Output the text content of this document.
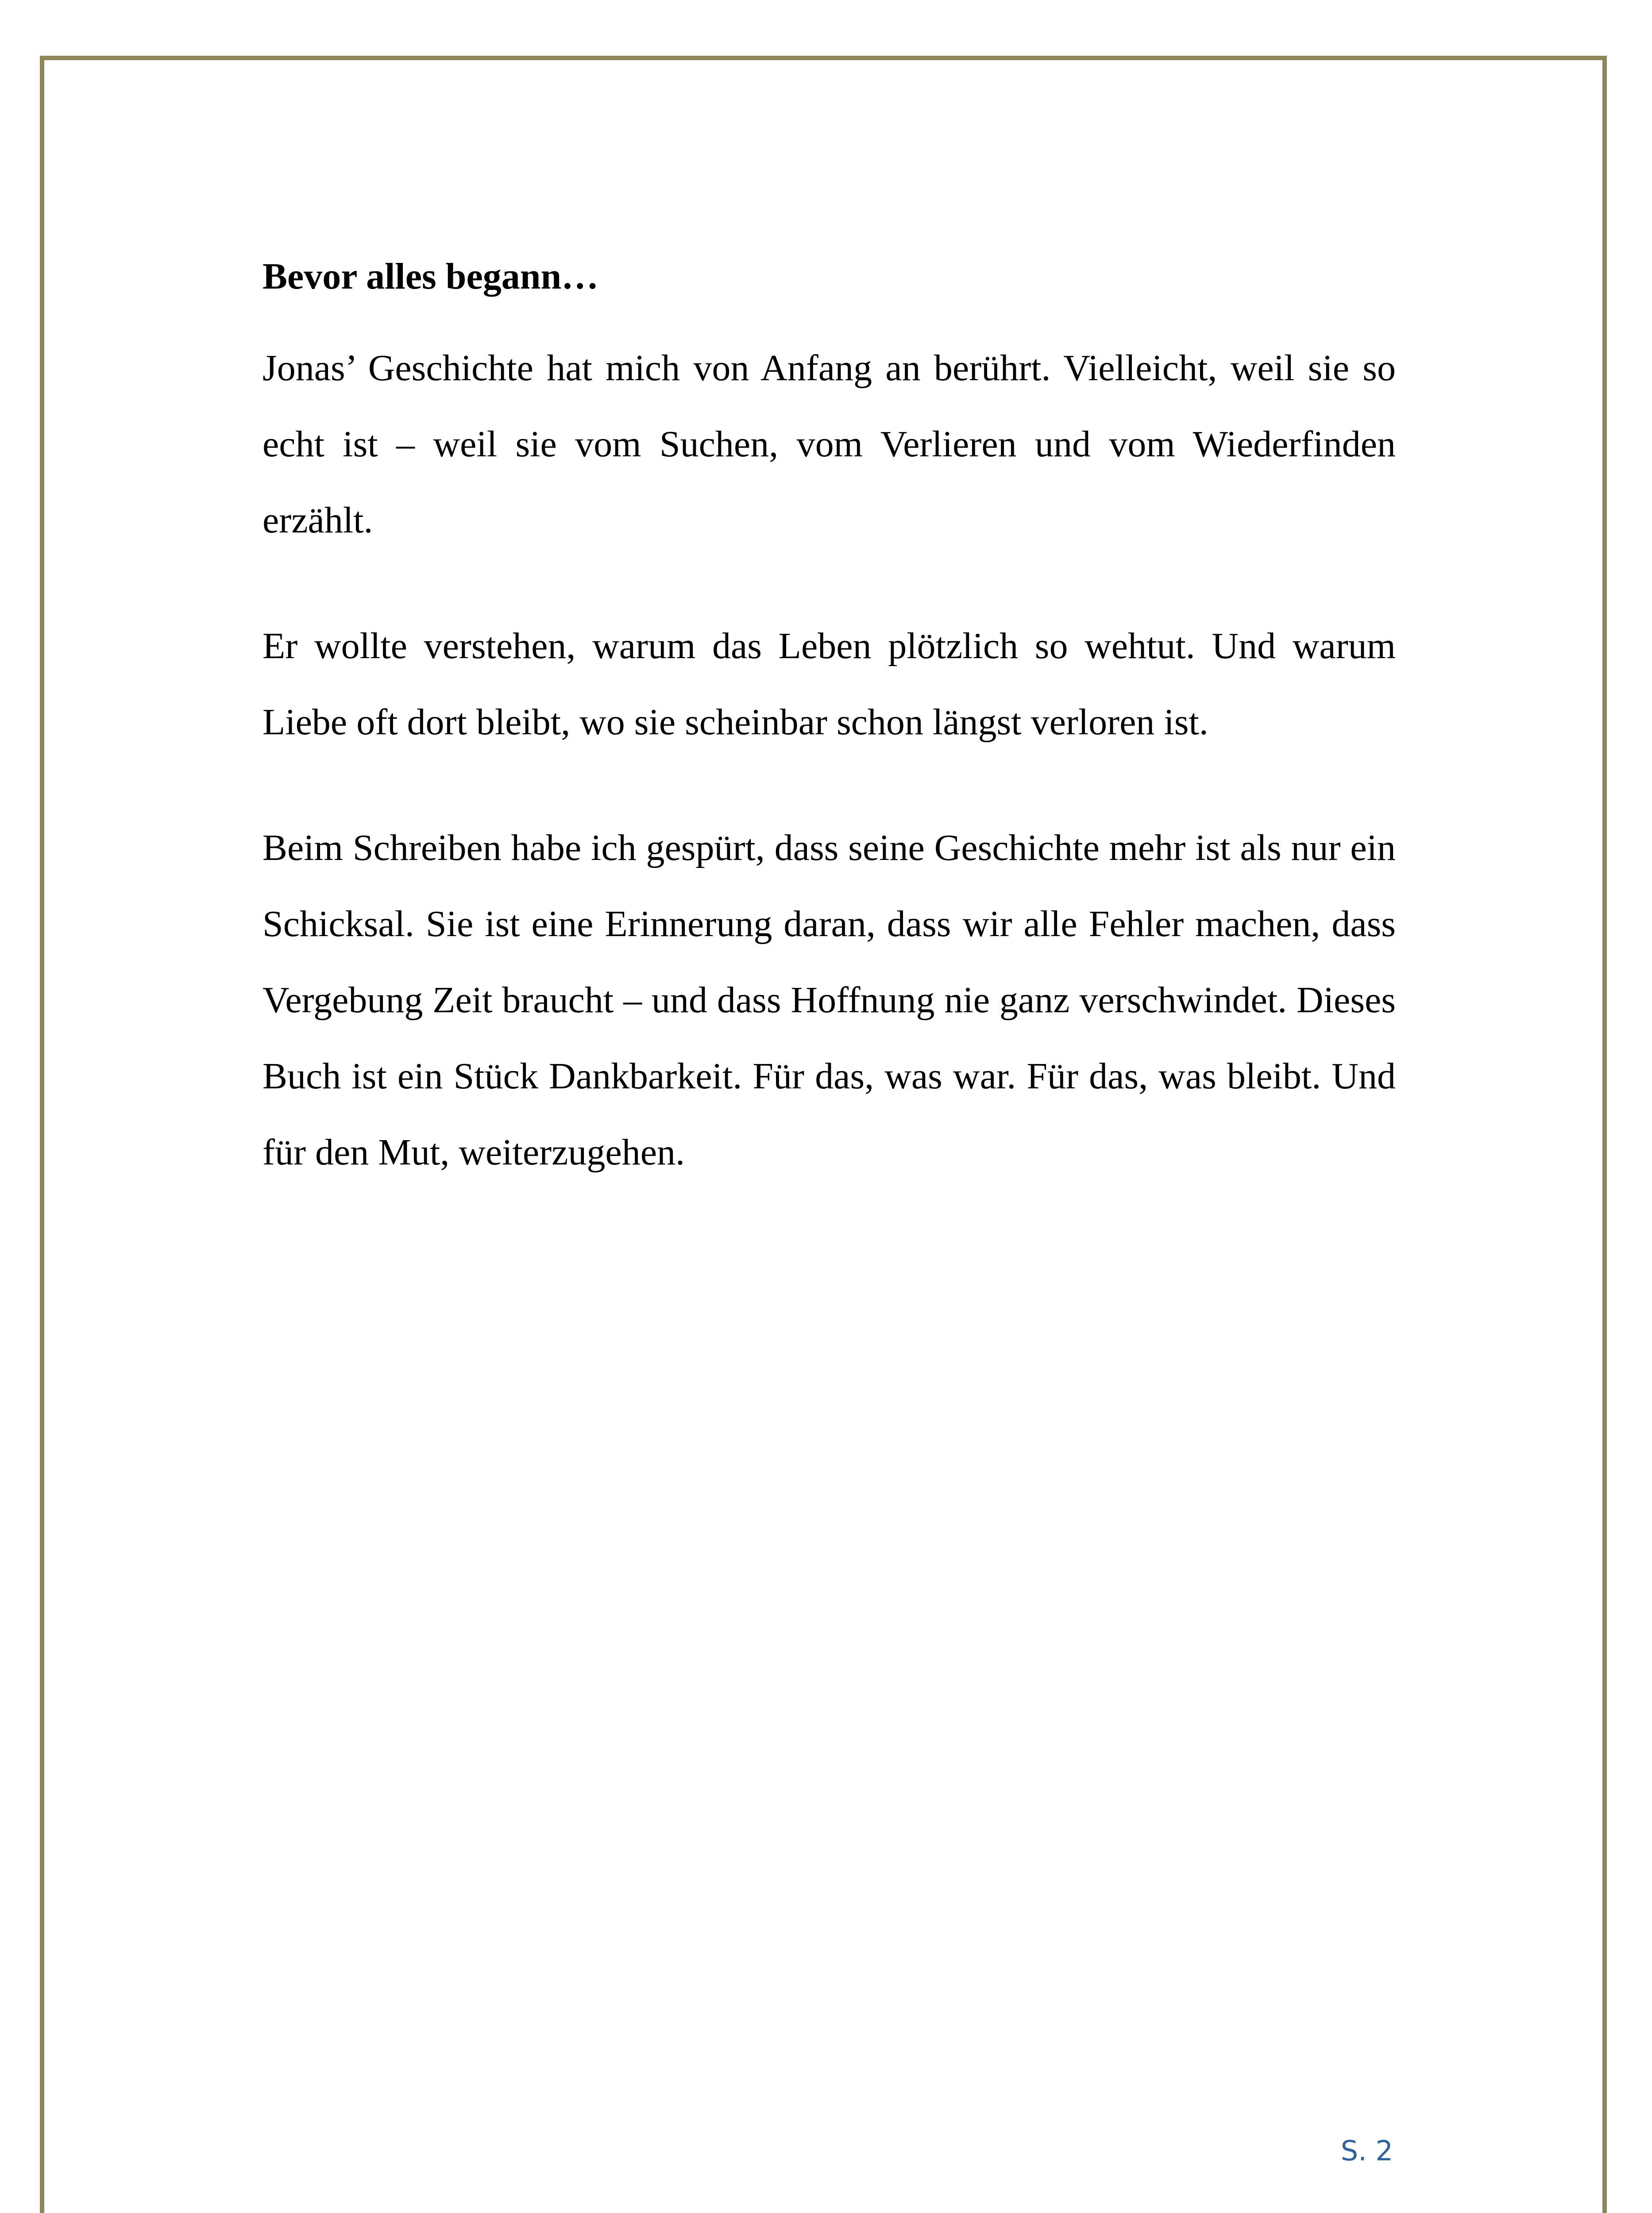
Bevor alles begann…

Jonas’ Geschichte hat mich von Anfang an berührt. Vielleicht, weil sie so echt ist – weil sie vom Suchen, vom Verlieren und vom Wiederfinden erzählt.

Er wollte verstehen, warum das Leben plötzlich so wehtut. Und warum Liebe oft dort bleibt, wo sie scheinbar schon längst verloren ist.

Beim Schreiben habe ich gespürt, dass seine Geschichte mehr ist als nur ein Schicksal. Sie ist eine Erinnerung daran, dass wir alle Fehler machen, dass Vergebung Zeit braucht – und dass Hoffnung nie ganz verschwindet. Dieses Buch ist ein Stück Dankbarkeit. Für das, was war. Für das, was bleibt. Und für den Mut, weiterzugehen.

S. 2
